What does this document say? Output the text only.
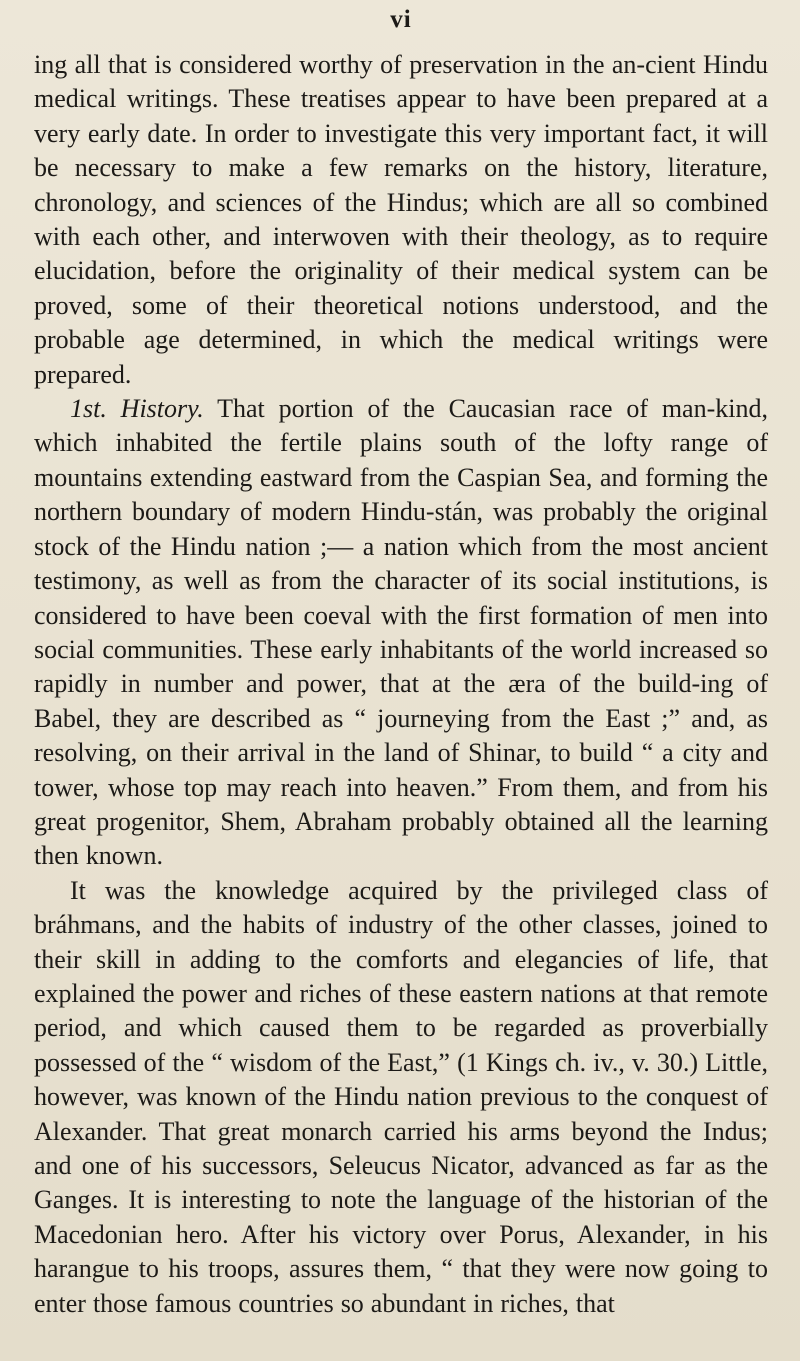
vi

ing all that is considered worthy of preservation in the an-cient Hindu medical writings. These treatises appear to have been prepared at a very early date. In order to investigate this very important fact, it will be necessary to make a few remarks on the history, literature, chronology, and sciences of the Hindus; which are all so combined with each other, and interwoven with their theology, as to require elucidation, before the originality of their medical system can be proved, some of their theoretical notions understood, and the probable age determined, in which the medical writings were prepared.

1st. History. That portion of the Caucasian race of man-kind, which inhabited the fertile plains south of the lofty range of mountains extending eastward from the Caspian Sea, and forming the northern boundary of modern Hindu-stán, was probably the original stock of the Hindu nation ;— a nation which from the most ancient testimony, as well as from the character of its social institutions, is considered to have been coeval with the first formation of men into social communities. These early inhabitants of the world increased so rapidly in number and power, that at the æra of the build-ing of Babel, they are described as “ journeying from the East ;” and, as resolving, on their arrival in the land of Shinar, to build “ a city and tower, whose top may reach into heaven.” From them, and from his great progenitor, Shem, Abraham probably obtained all the learning then known.

It was the knowledge acquired by the privileged class of bráhmans, and the habits of industry of the other classes, joined to their skill in adding to the comforts and elegancies of life, that explained the power and riches of these eastern nations at that remote period, and which caused them to be regarded as proverbially possessed of the “ wisdom of the East,” (1 Kings ch. iv., v. 30.) Little, however, was known of the Hindu nation previous to the conquest of Alexander. That great monarch carried his arms beyond the Indus; and one of his successors, Seleucus Nicator, advanced as far as the Ganges. It is interesting to note the language of the historian of the Macedonian hero. After his victory over Porus, Alexander, in his harangue to his troops, assures them, “ that they were now going to enter those famous countries so abundant in riches, that
